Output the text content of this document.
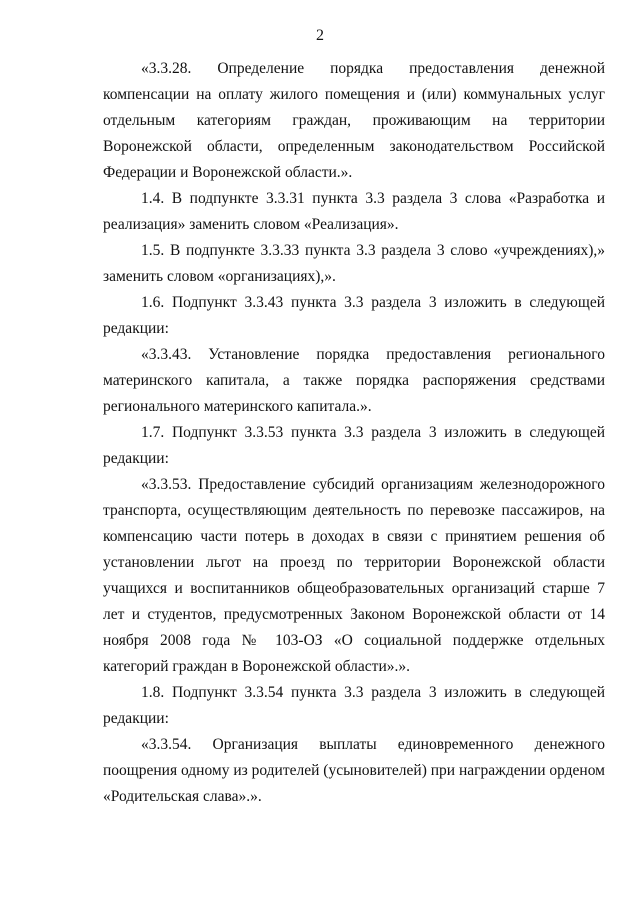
2

«3.3.28. Определение порядка предоставления денежной компенсации на оплату жилого помещения и (или) коммунальных услуг отдельным категориям граждан, проживающим на территории Воронежской области, определенным законодательством Российской Федерации и Воронежской области.».

1.4. В подпункте 3.3.31 пункта 3.3 раздела 3 слова «Разработка и реализация» заменить словом «Реализация».

1.5. В подпункте 3.3.33 пункта 3.3 раздела 3 слово «учреждениях),» заменить словом «организациях),».

1.6. Подпункт 3.3.43 пункта 3.3 раздела 3 изложить в следующей редакции:

«3.3.43. Установление порядка предоставления регионального материнского капитала, а также порядка распоряжения средствами регионального материнского капитала.».

1.7. Подпункт 3.3.53 пункта 3.3 раздела 3 изложить в следующей редакции:

«3.3.53. Предоставление субсидий организациям железнодорожного транспорта, осуществляющим деятельность по перевозке пассажиров, на компенсацию части потерь в доходах в связи с принятием решения об установлении льгот на проезд по территории Воронежской области учащихся и воспитанников общеобразовательных организаций старше 7 лет и студентов, предусмотренных Законом Воронежской области от 14 ноября 2008 года № 103-ОЗ «О социальной поддержке отдельных категорий граждан в Воронежской области».».

1.8. Подпункт 3.3.54 пункта 3.3 раздела 3 изложить в следующей редакции:

«3.3.54. Организация выплаты единовременного денежного поощрения одному из родителей (усыновителей) при награждении орденом «Родительская слава».».
